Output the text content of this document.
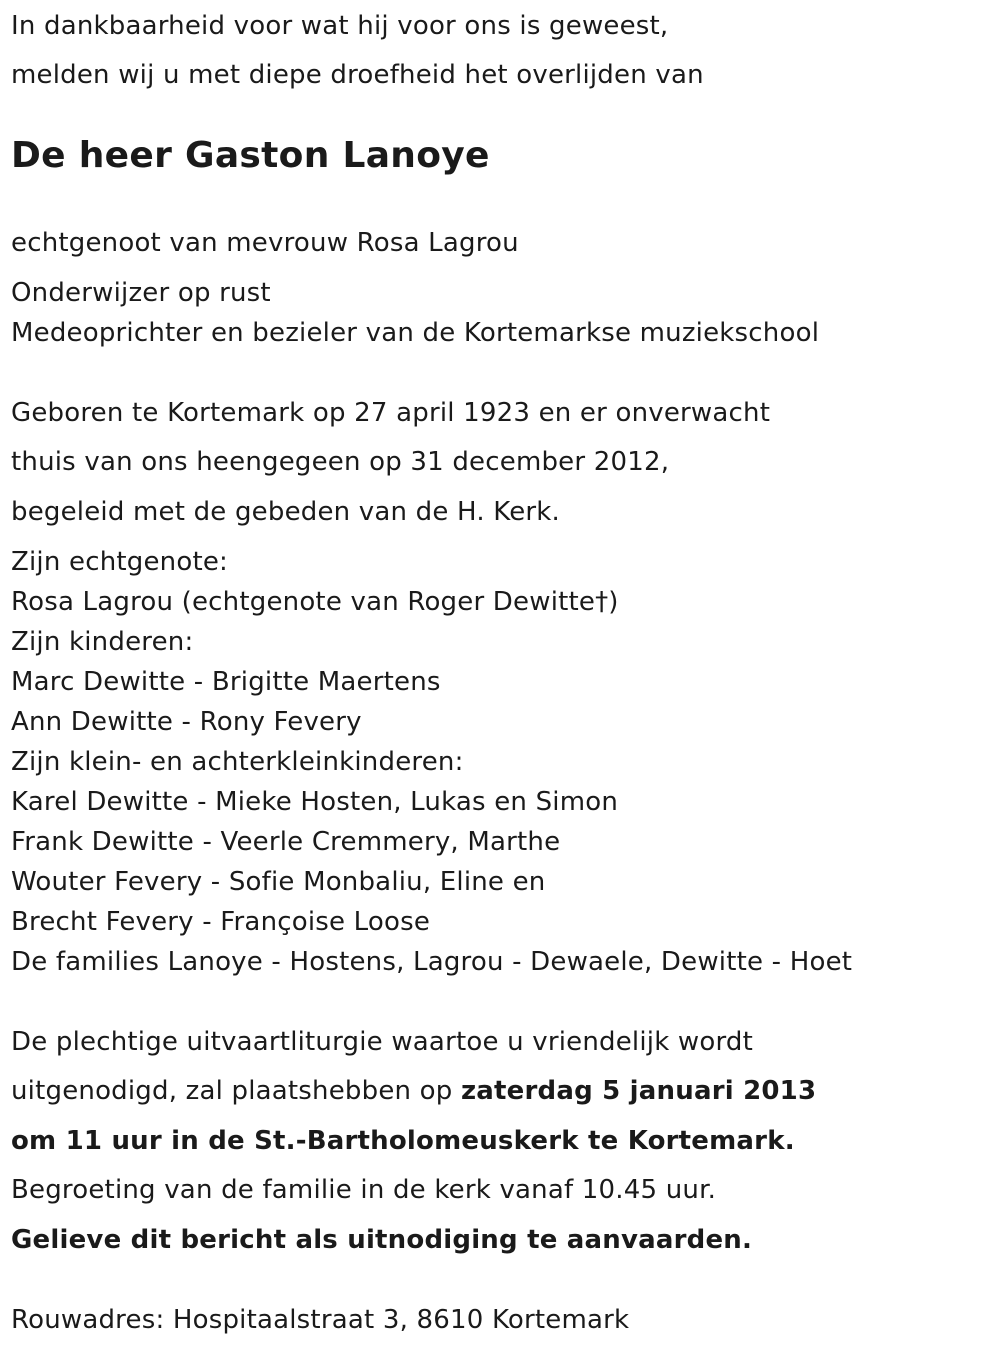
In dankbaarheid voor wat hij voor ons is geweest,
melden wij u met diepe droefheid het overlijden van
De heer Gaston Lanoye
echtgenoot van mevrouw Rosa Lagrou
Onderwijzer op rust
Medeoprichter en bezieler van de Kortemarkse muziekschool
Geboren te Kortemark op 27 april 1923 en er onverwacht
thuis van ons heengegeen op 31 december 2012,
begeleid met de gebeden van de H. Kerk.
Zijn echtgenote:
Rosa Lagrou (echtgenote van Roger Dewitte†)
Zijn kinderen:
Marc Dewitte - Brigitte Maertens
Ann Dewitte - Rony Fevery
Zijn klein- en achterkleinkinderen:
Karel Dewitte - Mieke Hosten, Lukas en Simon
Frank Dewitte - Veerle Cremmery, Marthe
Wouter Fevery - Sofie Monbaliu, Eline en
Brecht Fevery - Françoise Loose
De families Lanoye - Hostens, Lagrou - Dewaele, Dewitte - Hoet
De plechtige uitvaartliturgie waartoe u vriendelijk wordt
uitgenodigd, zal plaatshebben op zaterdag 5 januari 2013
om 11 uur in de St.-Bartholomeuskerk te Kortemark.
Begroeting van de familie in de kerk vanaf 10.45 uur.
Gelieve dit bericht als uitnodiging te aanvaarden.
Rouwadres: Hospitaalstraat 3, 8610 Kortemark
